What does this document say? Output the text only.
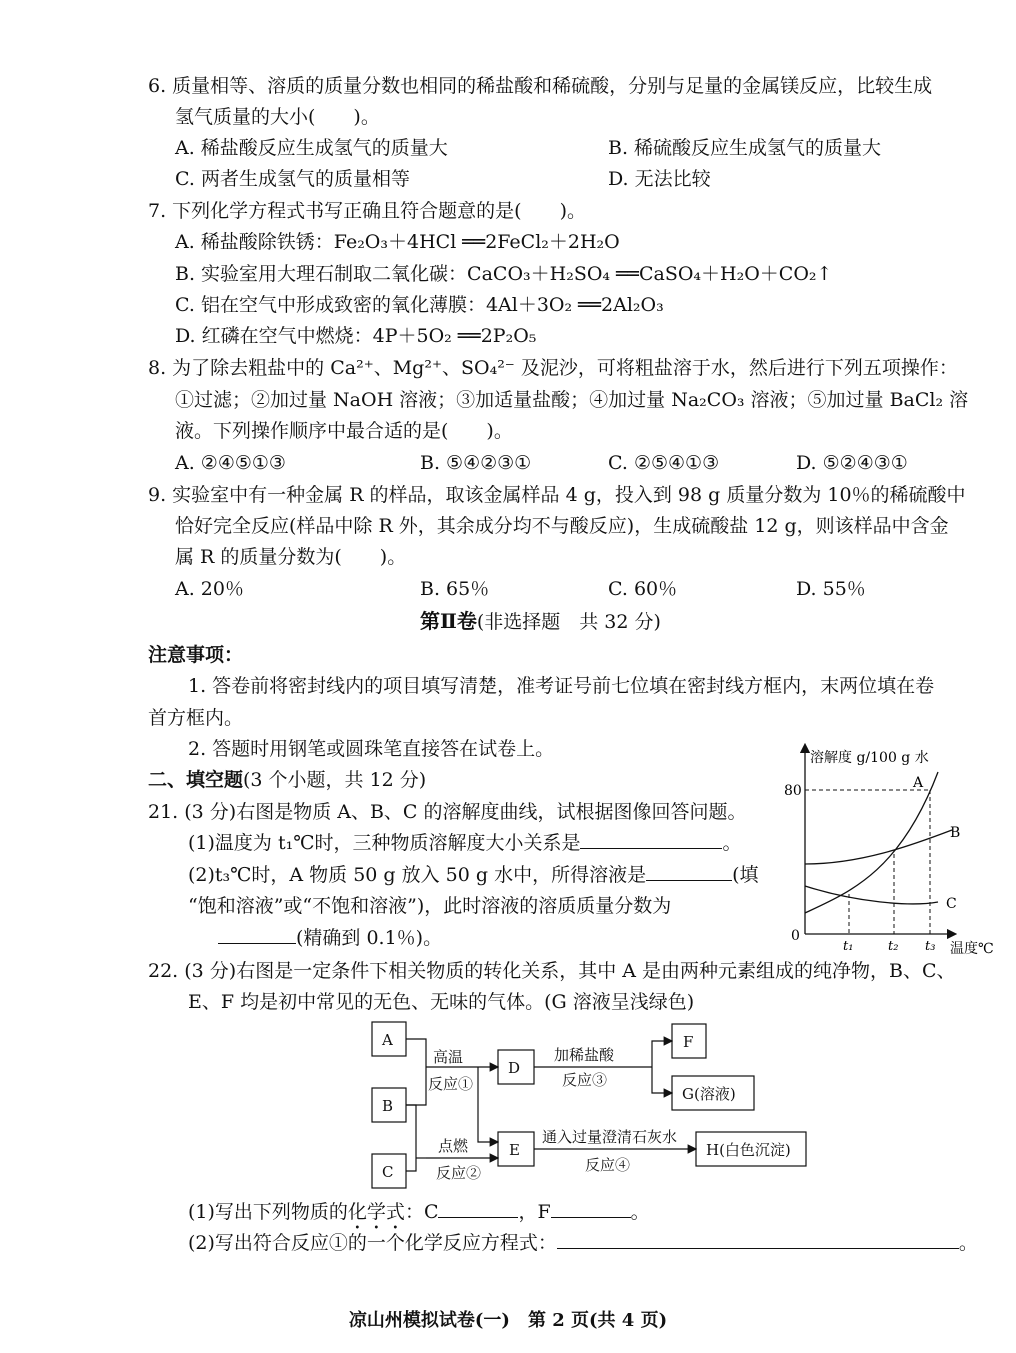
6. 质量相等、溶质的质量分数也相同的稀盐酸和稀硫酸，分别与足量的金属镁反应，比较生成
氢气质量的大小(　　)。
A. 稀盐酸反应生成氢气的质量大	B. 稀硫酸反应生成氢气的质量大
C. 两者生成氢气的质量相等	D. 无法比较
7. 下列化学方程式书写正确且符合题意的是(　　)。
A. 稀盐酸除铁锈：Fe₂O₃＋4HCl ══2FeCl₂＋2H₂O
B. 实验室用大理石制取二氧化碳：CaCO₃＋H₂SO₄ ══CaSO₄＋H₂O＋CO₂↑
C. 铝在空气中形成致密的氧化薄膜：4Al＋3O₂ ══2Al₂O₃
D. 红磷在空气中燃烧：4P＋5O₂ ══2P₂O₅
8. 为了除去粗盐中的 Ca²⁺、Mg²⁺、SO₄²⁻ 及泥沙，可将粗盐溶于水，然后进行下列五项操作：
①过滤；②加过量 NaOH 溶液；③加适量盐酸；④加过量 Na₂CO₃ 溶液；⑤加过量 BaCl₂ 溶
液。下列操作顺序中最合适的是(　　)。
A. ②④⑤①③	B. ⑤④②③①	C. ②⑤④①③	D. ⑤②④③①
9. 实验室中有一种金属 R 的样品，取该金属样品 4 g，投入到 98 g 质量分数为 10％的稀硫酸中
恰好完全反应(样品中除 R 外，其余成分均不与酸反应)，生成硫酸盐 12 g，则该样品中含金
属 R 的质量分数为(　　)。
A. 20％	B. 65％	C. 60％	D. 55％
第Ⅱ卷(非选择题　共 32 分)
注意事项：
1. 答卷前将密封线内的项目填写清楚，准考证号前七位填在密封线方框内，末两位填在卷
首方框内。
2. 答题时用钢笔或圆珠笔直接答在试卷上。
二、填空题(3 个小题，共 12 分)
21. (3 分)右图是物质 A、B、C 的溶解度曲线，试根据图像回答问题。
(1)温度为 t₁℃时，三种物质溶解度大小关系是	。
(2)t₃℃时，A 物质 50 g 放入 50 g 水中，所得溶液是	(填
“饱和溶液”或“不饱和溶液”)，此时溶液的溶质质量分数为
(精确到 0.1％)。
溶解度 g/100 g 水
80
0
t₁	t₂ t₃ 温度℃
A
B
C
22. (3 分)右图是一定条件下相关物质的转化关系，其中 A 是由两种元素组成的纯净物，B、C、
E、F 均是初中常见的无色、无味的气体。(G 溶液呈浅绿色)
A
B
C
D
E
F
G(溶液)
H(白色沉淀)
高温
反应①
点燃
反应②
加稀盐酸
反应③
通入过量澄清石灰水
反应④
(1)写出下列物质的化学式：C	，F	。
(2)写出符合反应①的一个化学反应方程式：	。
凉山州模拟试卷(一)　第 2 页(共 4 页)
